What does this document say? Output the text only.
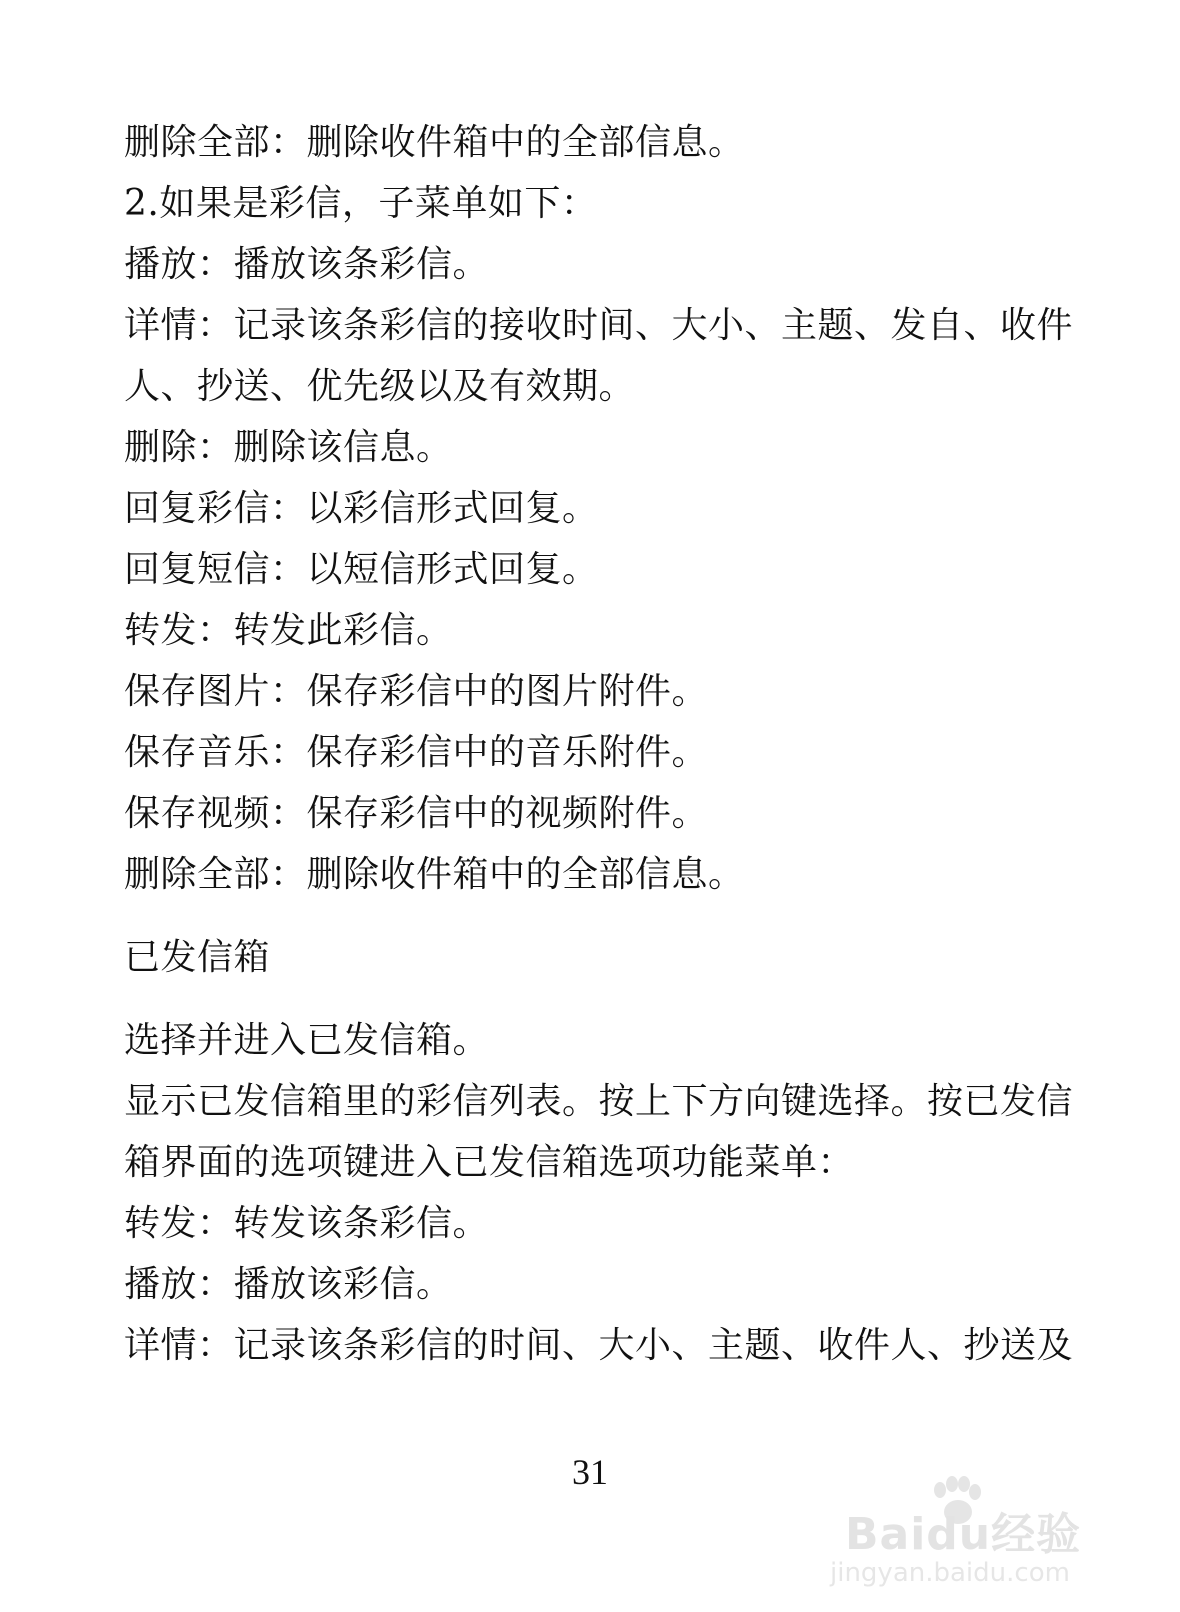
删除全部：删除收件箱中的全部信息。
2.如果是彩信，子菜单如下：
播放：播放该条彩信。
详情：记录该条彩信的接收时间、大小、主题、发自、收件
人、抄送、优先级以及有效期。
删除：删除该信息。
回复彩信：以彩信形式回复。
回复短信：以短信形式回复。
转发：转发此彩信。
保存图片：保存彩信中的图片附件。
保存音乐：保存彩信中的音乐附件。
保存视频：保存彩信中的视频附件。
删除全部：删除收件箱中的全部信息。
已发信箱
选择并进入已发信箱。
显示已发信箱里的彩信列表。按上下方向键选择。按已发信
箱界面的选项键进入已发信箱选项功能菜单：
转发：转发该条彩信。
播放：播放该彩信。
详情：记录该条彩信的时间、大小、主题、收件人、抄送及
31
Baidu经验
jingyan.baidu.com
